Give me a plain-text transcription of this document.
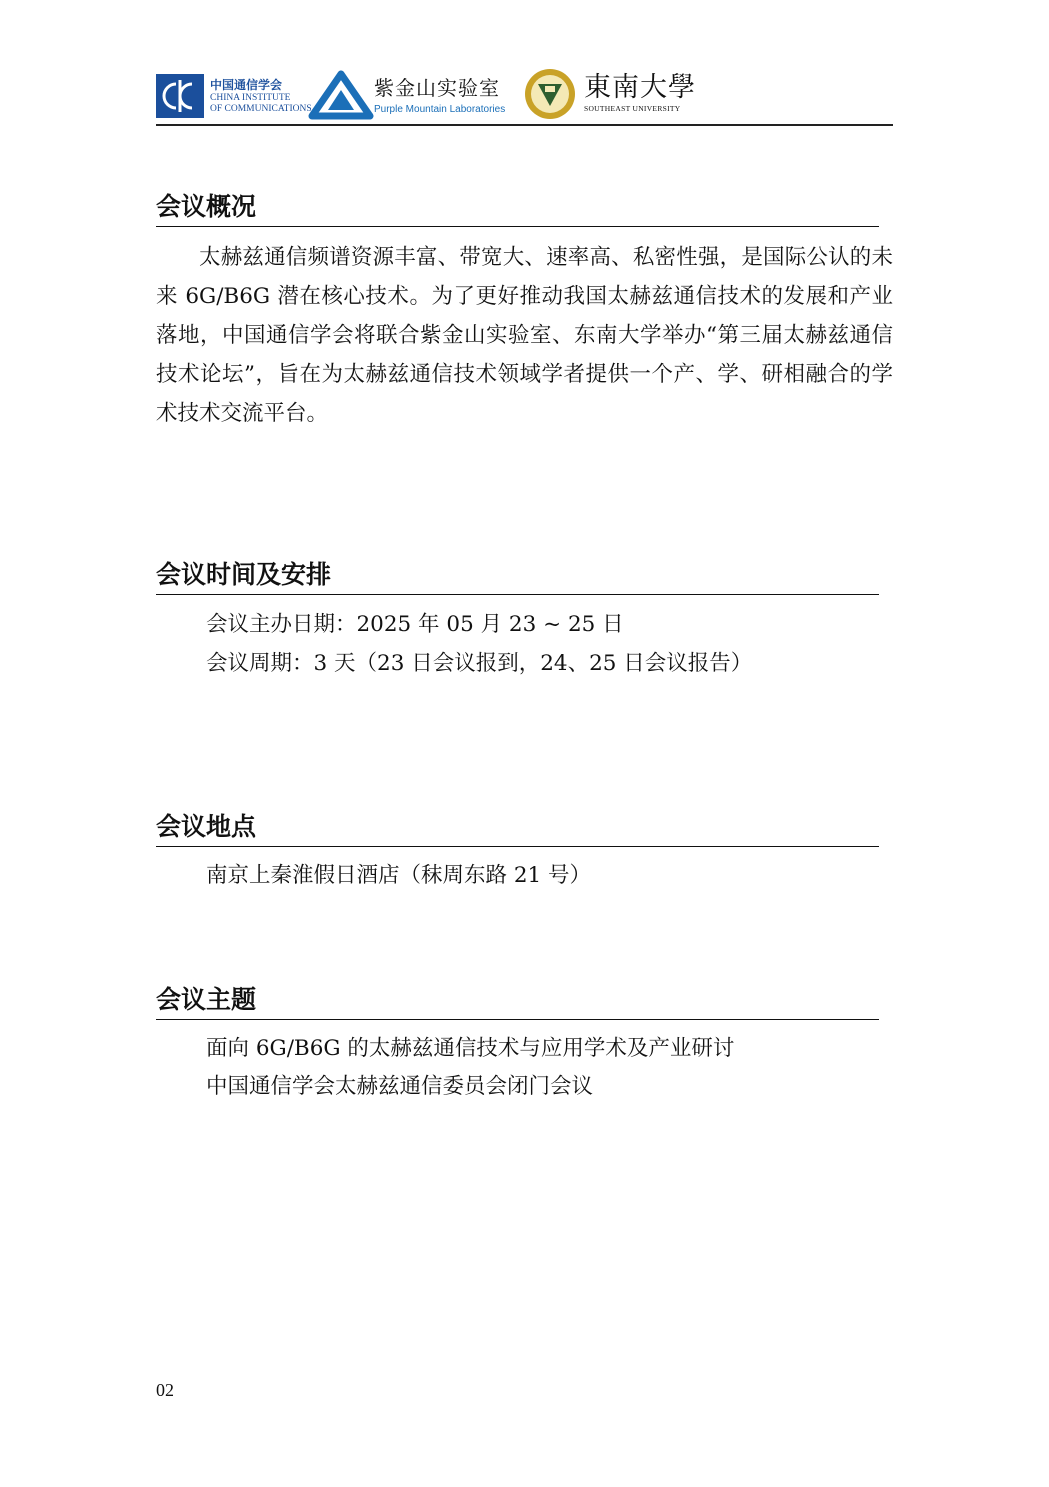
中国通信学会
CHINA INSTITUTE
OF COMMUNICATIONS
紫金山实验室
Purple Mountain Laboratories
東南大學
SOUTHEAST UNIVERSITY
会议概况

太赫兹通信频谱资源丰富、带宽大、速率高、私密性强，是国际公认的未来 6G/B6G 潜在核心技术。为了更好推动我国太赫兹通信技术的发展和产业落地，中国通信学会将联合紫金山实验室、东南大学举办“第三届太赫兹通信技术论坛”，旨在为太赫兹通信技术领域学者提供一个产、学、研相融合的学术技术交流平台。

会议时间及安排

会议主办日期：2025 年 05 月 23 ~ 25 日

会议周期：3 天（23 日会议报到，24、25 日会议报告）

会议地点

南京上秦淮假日酒店（秣周东路 21 号）

会议主题

面向 6G/B6G 的太赫兹通信技术与应用学术及产业研讨

中国通信学会太赫兹通信委员会闭门会议

02
